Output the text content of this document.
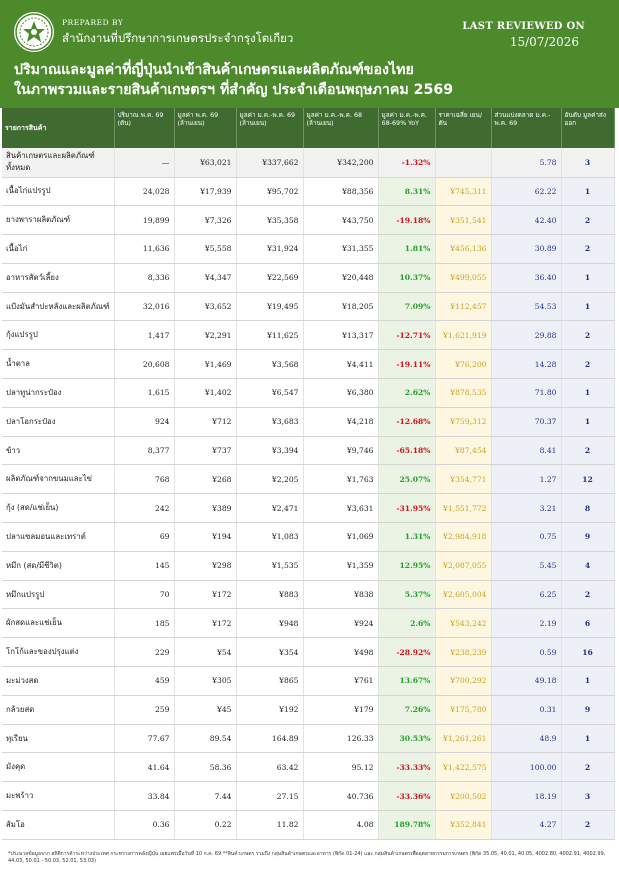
PREPARED BY
สำนักงานที่ปรึกษาการเกษตรประจำกรุงโตเกียว
LAST REVIEWED ON
15/07/2026
ปริมาณและมูลค่าที่ญี่ปุ่นนำเข้าสินค้าเกษตรและผลิตภัณฑ์ของไทย
ในภาพรวมและรายสินค้าเกษตรฯ ที่สำคัญ ประจำเดือนพฤษภาคม 2569
รายการสินค้า	ปริมาณ พ.ค. 69 (ตัน)	มูลค่า พ.ค. 69 (ล้านเยน)	มูลค่า ม.ค.-พ.ค. 69 (ล้านเยน)	มูลค่า ม.ค.-พ.ค. 68 (ล้านเยน)	มูลค่า ม.ค.-พ.ค. 68-69% YoY	ราคาเฉลี่ย เยน/ตัน	ส่วนแบ่งตลาด ม.ค.-พ.ค. 69	อันดับ มูลค่าส่งออก
สินค้าเกษตรและผลิตภัณฑ์ทั้งหมด	—	¥63,021	¥337,662	¥342,200	-1.32%		5.78	3
เนื้อไก่แปรรูป	24,028	¥17,939	¥95,702	¥88,356	8.31%	¥745,311	62.22	1
ยางพาราผลิตภัณฑ์	19,899	¥7,326	¥35,358	¥43,750	-19.18%	¥351,541	42.40	2
เนื้อไก่	11,636	¥5,558	¥31,924	¥31,355	1.81%	¥456,136	30.89	2
อาหารสัตว์เลี้ยง	8,336	¥4,347	¥22,569	¥20,448	10.37%	¥499,055	36.40	1
แป้งมันสำปะหลังและผลิตภัณฑ์	32,016	¥3,652	¥19,495	¥18,205	7.09%	¥112,457	54.53	1
กุ้งแปรรูป	1,417	¥2,291	¥11,625	¥13,317	-12.71%	¥1,621,919	29.88	2
น้ำตาล	20,608	¥1,469	¥3,568	¥4,411	-19.11%	¥76,200	14.28	2
ปลาทูน่ากระป๋อง	1,615	¥1,402	¥6,547	¥6,380	2.62%	¥878,535	71.80	1
ปลาโอกระป๋อง	924	¥712	¥3,683	¥4,218	-12.68%	¥759,312	70.37	1
ข้าว	8,377	¥737	¥3,394	¥9,746	-65.18%	¥87,454	8.41	2
ผลิตภัณฑ์จากขนมและไข่	768	¥268	¥2,205	¥1,763	25.07%	¥354,771	1.27	12
กุ้ง (สด/แช่เย็น)	242	¥389	¥2,471	¥3,631	-31.95%	¥1,551,772	3.21	8
ปลาแซลมอนและเทราต์	69	¥194	¥1,083	¥1,069	1.31%	¥2,984,918	0.75	9
หมึก (สด/มีชีวิต)	145	¥298	¥1,535	¥1,359	12.95%	¥2,087,055	5.45	4
หมึกแปรรูป	70	¥172	¥883	¥838	5.37%	¥2,605,004	6.25	2
ผักสดและแช่เย็น	185	¥172	¥948	¥924	2.6%	¥543,242	2.19	6
โกโก้และของปรุงแต่ง	229	¥54	¥354	¥498	-28.92%	¥238,239	0.59	16
มะม่วงสด	459	¥305	¥865	¥761	13.67%	¥700,292	49.18	1
กล้วยสด	259	¥45	¥192	¥179	7.26%	¥175,780	0.31	9
ทุเรียน	77.67	89.54	164.89	126.33	30.53%	¥1,261,261	48.9	1
มังคุด	41.64	58.36	63.42	95.12	-33.33%	¥1,422,575	100.00	2
มะพร้าว	33.84	7.44	27.15	40.736	-33.36%	¥200,502	18.19	3
ส้มโอ	0.36	0.22	11.82	4.08	189.78%	¥352,841	4.27	2
*ประมวลข้อมูลจาก สถิติการค้าระหว่างประเทศ กระทรวงการคลังญี่ปุ่น เผยแพร่เมื่อวันที่ 10 ก.ค. 69 **สินค้าเกษตร รวมถึง กลุ่มสินค้าเกษตรและอาหาร (พิกัด 01-24) และ กลุ่มสินค้าเกษตรเพื่ออุตสาหกรรมการเกษตร (พิกัด 35.05, 40.01, 40.05, 4002.80, 4002.91, 4002.99, 44.03, 50.01 - 50.03, 52.01, 53.03)
